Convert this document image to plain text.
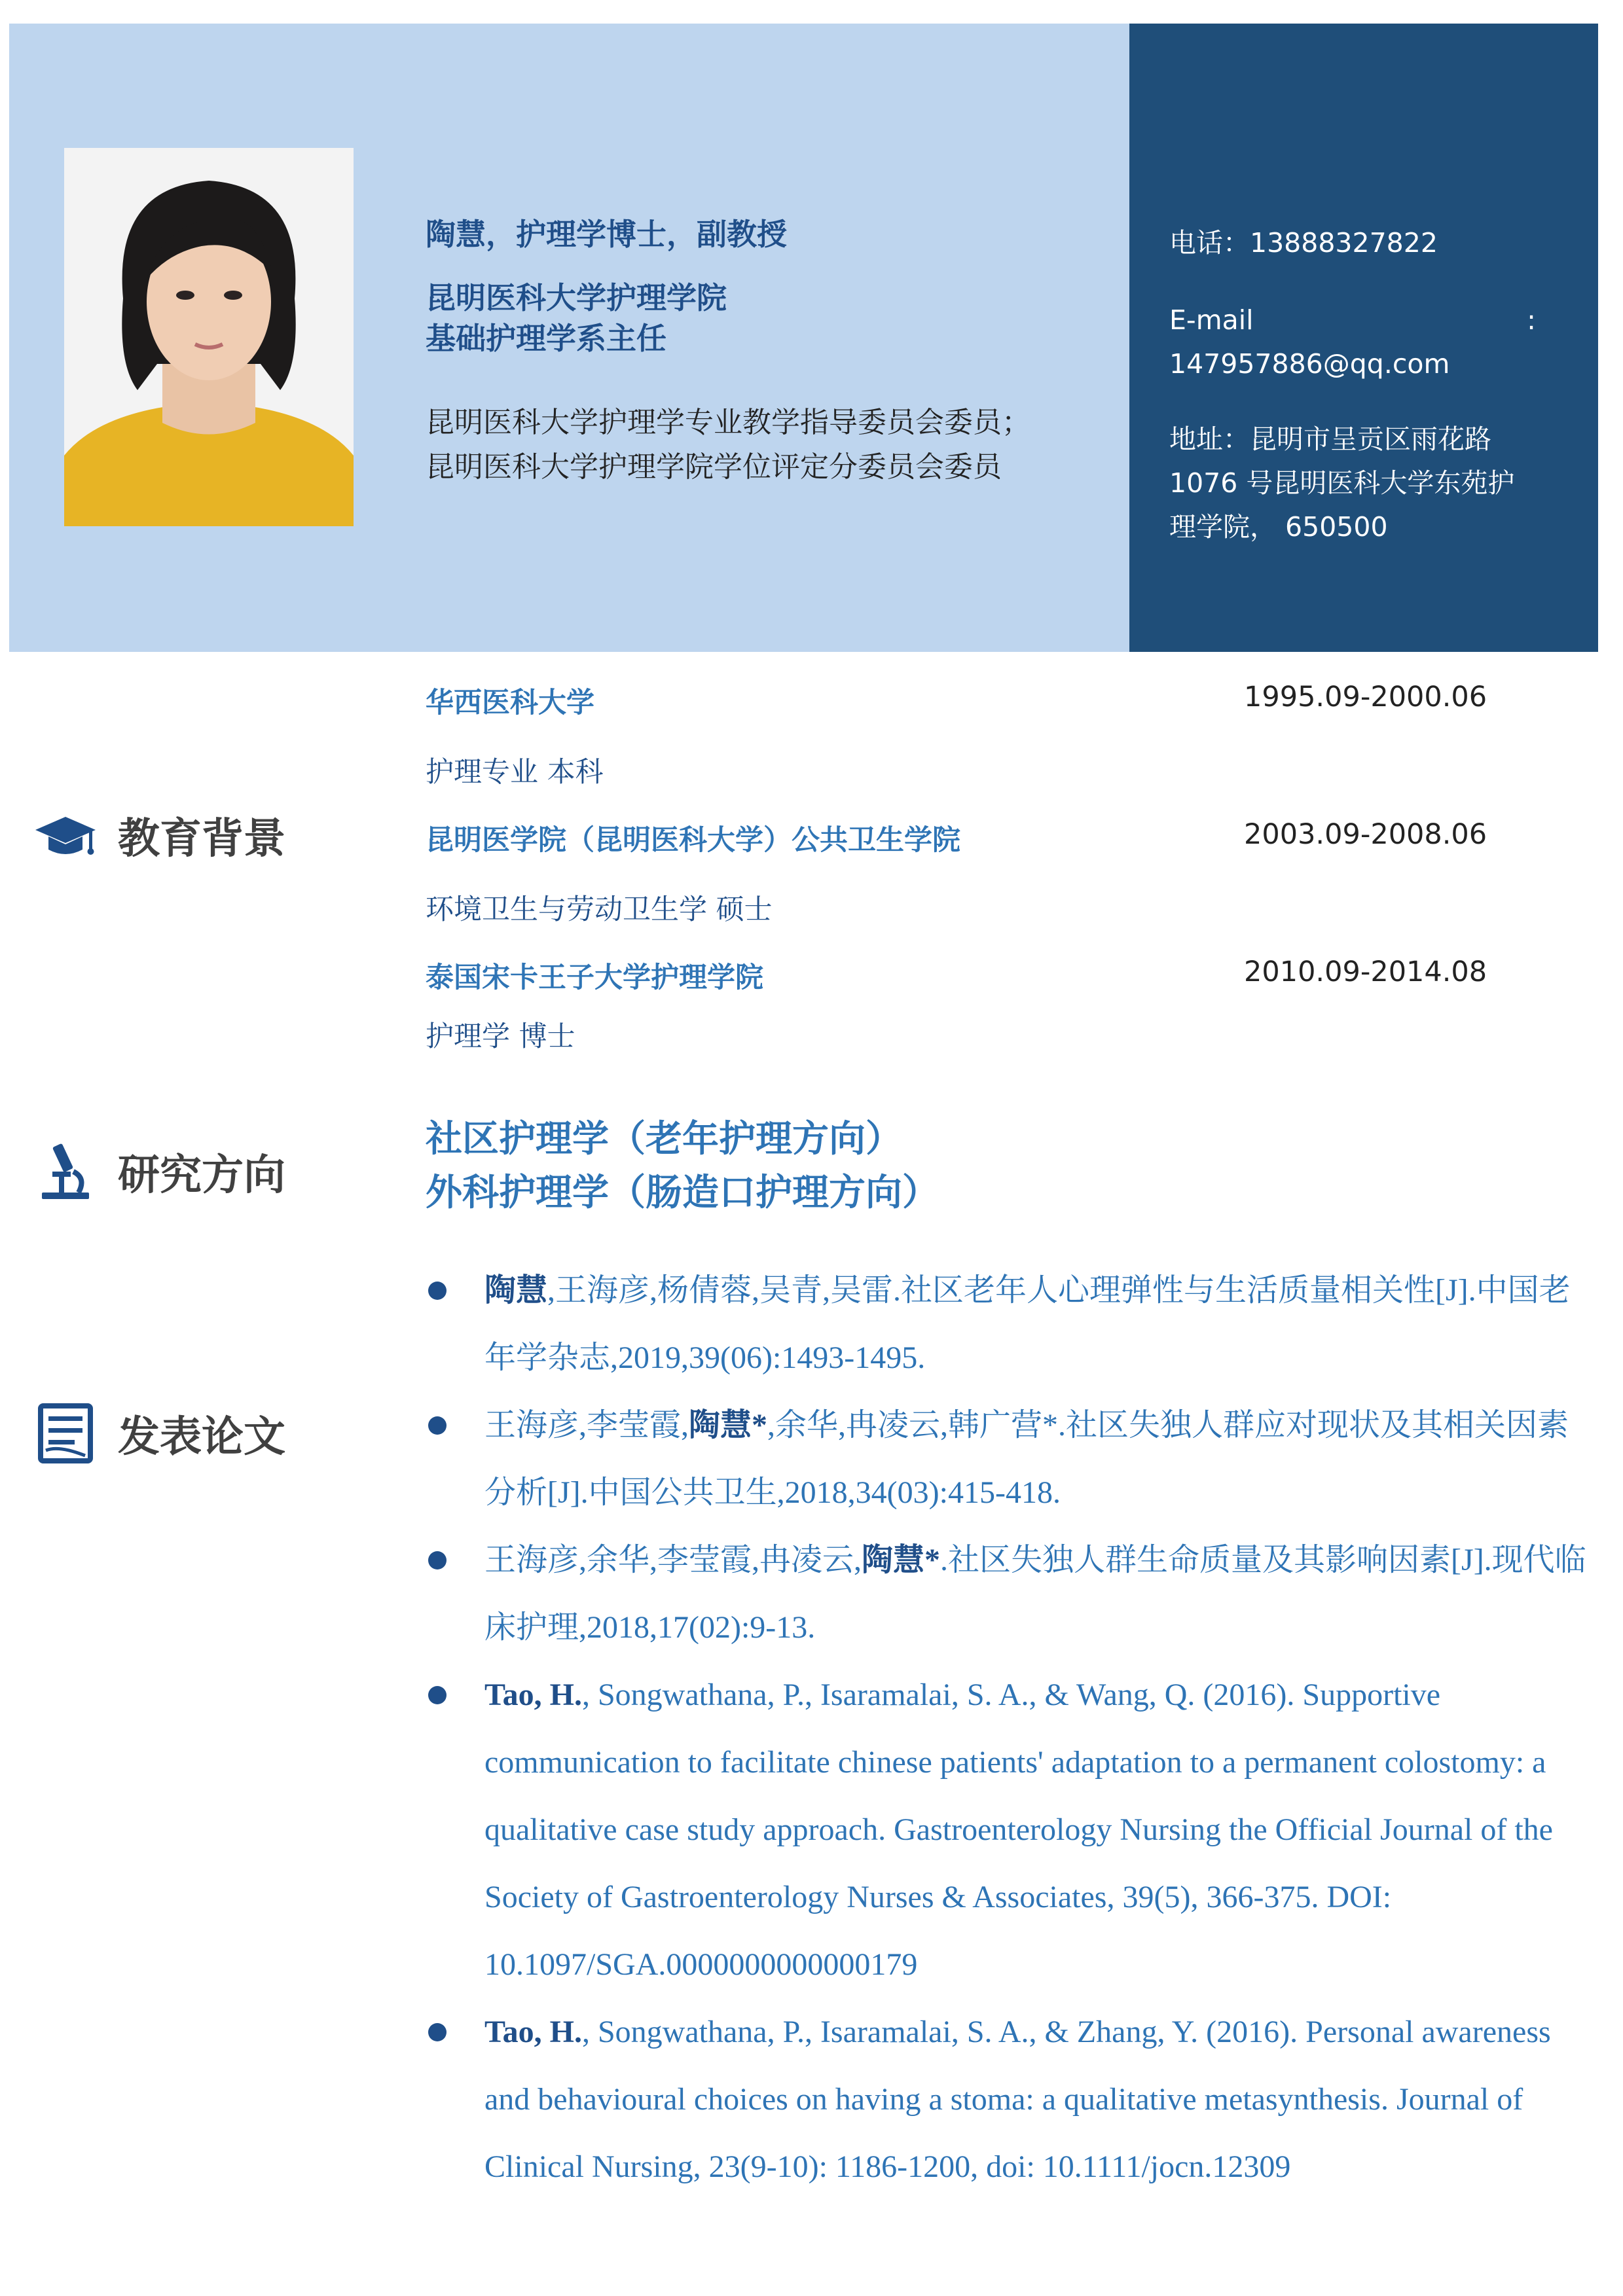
陶慧，护理学博士，副教授
昆明医科大学护理学院
基础护理学系主任
昆明医科大学护理学专业教学指导委员会委员；
昆明医科大学护理学院学位评定分委员会委员
电话：13888327822
E-mail	:
147957886@qq.com
地址：昆明市呈贡区雨花路
1076 号昆明医科大学东苑护
理学院， 650500
教育背景
华西医科大学	1995.09-2000.06
护理专业 本科
昆明医学院（昆明医科大学）公共卫生学院	2003.09-2008.06
环境卫生与劳动卫生学 硕士
泰国宋卡王子大学护理学院	2010.09-2014.08
护理学 博士
研究方向
社区护理学（老年护理方向）
外科护理学（肠造口护理方向）
发表论文
陶慧,王海彦,杨倩蓉,吴青,吴雷.社区老年人心理弹性与生活质量相关性[J].中国老年学杂志,2019,39(06):1493-1495.
王海彦,李莹霞,陶慧*,余华,冉凌云,韩广营*.社区失独人群应对现状及其相关因素分析[J].中国公共卫生,2018,34(03):415-418.
王海彦,余华,李莹霞,冉凌云,陶慧*.社区失独人群生命质量及其影响因素[J].现代临床护理,2018,17(02):9-13.
Tao, H., Songwathana, P., Isaramalai, S. A., & Wang, Q. (2016). Supportive communication to facilitate chinese patients' adaptation to a permanent colostomy: a qualitative case study approach. Gastroenterology Nursing the Official Journal of the Society of Gastroenterology Nurses & Associates, 39(5), 366-375. DOI: 10.1097/SGA.0000000000000179
Tao, H., Songwathana, P., Isaramalai, S. A., & Zhang, Y. (2016). Personal awareness and behavioural choices on having a stoma: a qualitative metasynthesis. Journal of Clinical Nursing, 23(9-10): 1186-1200, doi: 10.1111/jocn.12309
